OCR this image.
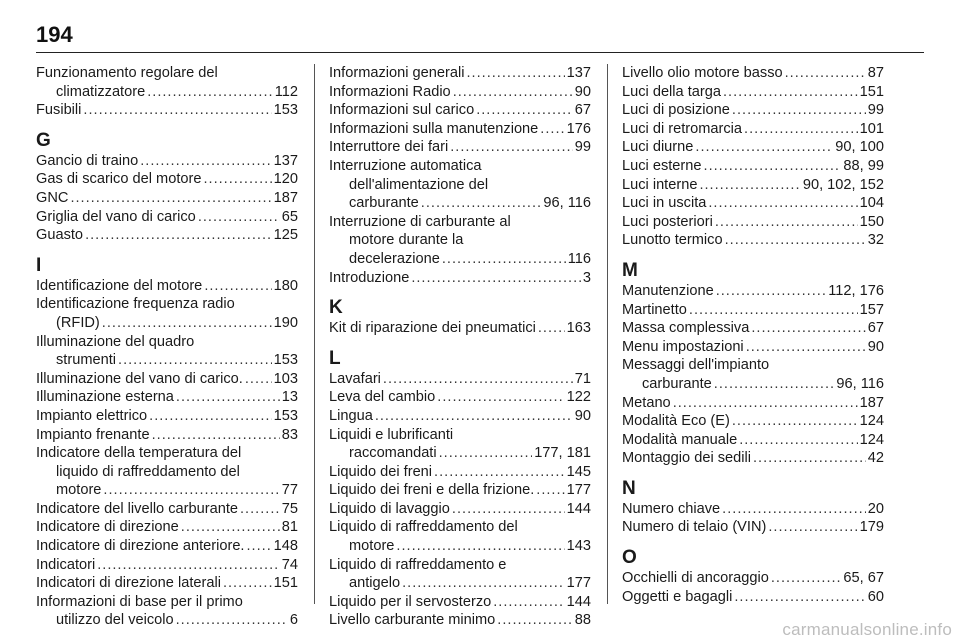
194
Funzionamento regolare del
climatizzatore .....	112
Fusibili .....	153
G
Gancio di traino .....	137
Gas di scarico del motore .....	120
GNC .....	187
Griglia del vano di carico .....	65
Guasto .....	125
I
Identificazione del motore .....	180
Identificazione frequenza radio
(RFID) .....	190
Illuminazione del quadro
strumenti .....	153
Illuminazione del vano di carico. ..... 103
Illuminazione esterna .....	13
Impianto elettrico .....	153
Impianto frenante .....	83
Indicatore della temperatura del
liquido di raffreddamento del
motore .....	77
Indicatore del livello carburante .....	75
Indicatore di direzione .....	81
Indicatore di direzione anteriore. ..... 148
Indicatori .....	74
Indicatori di direzione laterali .....	151
Informazioni di base per il primo
utilizzo del veicolo .....	6
Informazioni generali .....	137
Informazioni Radio .....	90
Informazioni sul carico .....	67
Informazioni sulla manutenzione ..... 176
Interruttore dei fari .....	99
Interruzione automatica
dell'alimentazione del
carburante .....	96, 116
Interruzione di carburante al
motore durante la
decelerazione .....	116
Introduzione .....	3
K
Kit di riparazione dei pneumatici ..... 163
L
Lavafari .....	71
Leva del cambio .....	122
Lingua .....	90
Liquidi e lubrificanti
raccomandati .....	177, 181
Liquido dei freni .....	145
Liquido dei freni e della frizione. ..... 177
Liquido di lavaggio .....	144
Liquido di raffreddamento del
motore .....	143
Liquido di raffreddamento e
antigelo .....	177
Liquido per il servosterzo .....	144
Livello carburante minimo .....	88
Livello olio motore basso .....	87
Luci della targa .....	151
Luci di posizione .....	99
Luci di retromarcia .....	101
Luci diurne .....	90, 100
Luci esterne .....	88, 99
Luci interne .....	90, 102, 152
Luci in uscita .....	104
Luci posteriori .....	150
Lunotto termico .....	32
M
Manutenzione .....	112, 176
Martinetto .....	157
Massa complessiva .....	67
Menu impostazioni .....	90
Messaggi dell'impianto
carburante .....	96, 116
Metano .....	187
Modalità Eco (E) .....	124
Modalità manuale .....	124
Montaggio dei sedili .....	42
N
Numero chiave .....	20
Numero di telaio (VIN) .....	179
O
Occhielli di ancoraggio .....	65, 67
Oggetti e bagagli .....	60
carmanualsonline.info
